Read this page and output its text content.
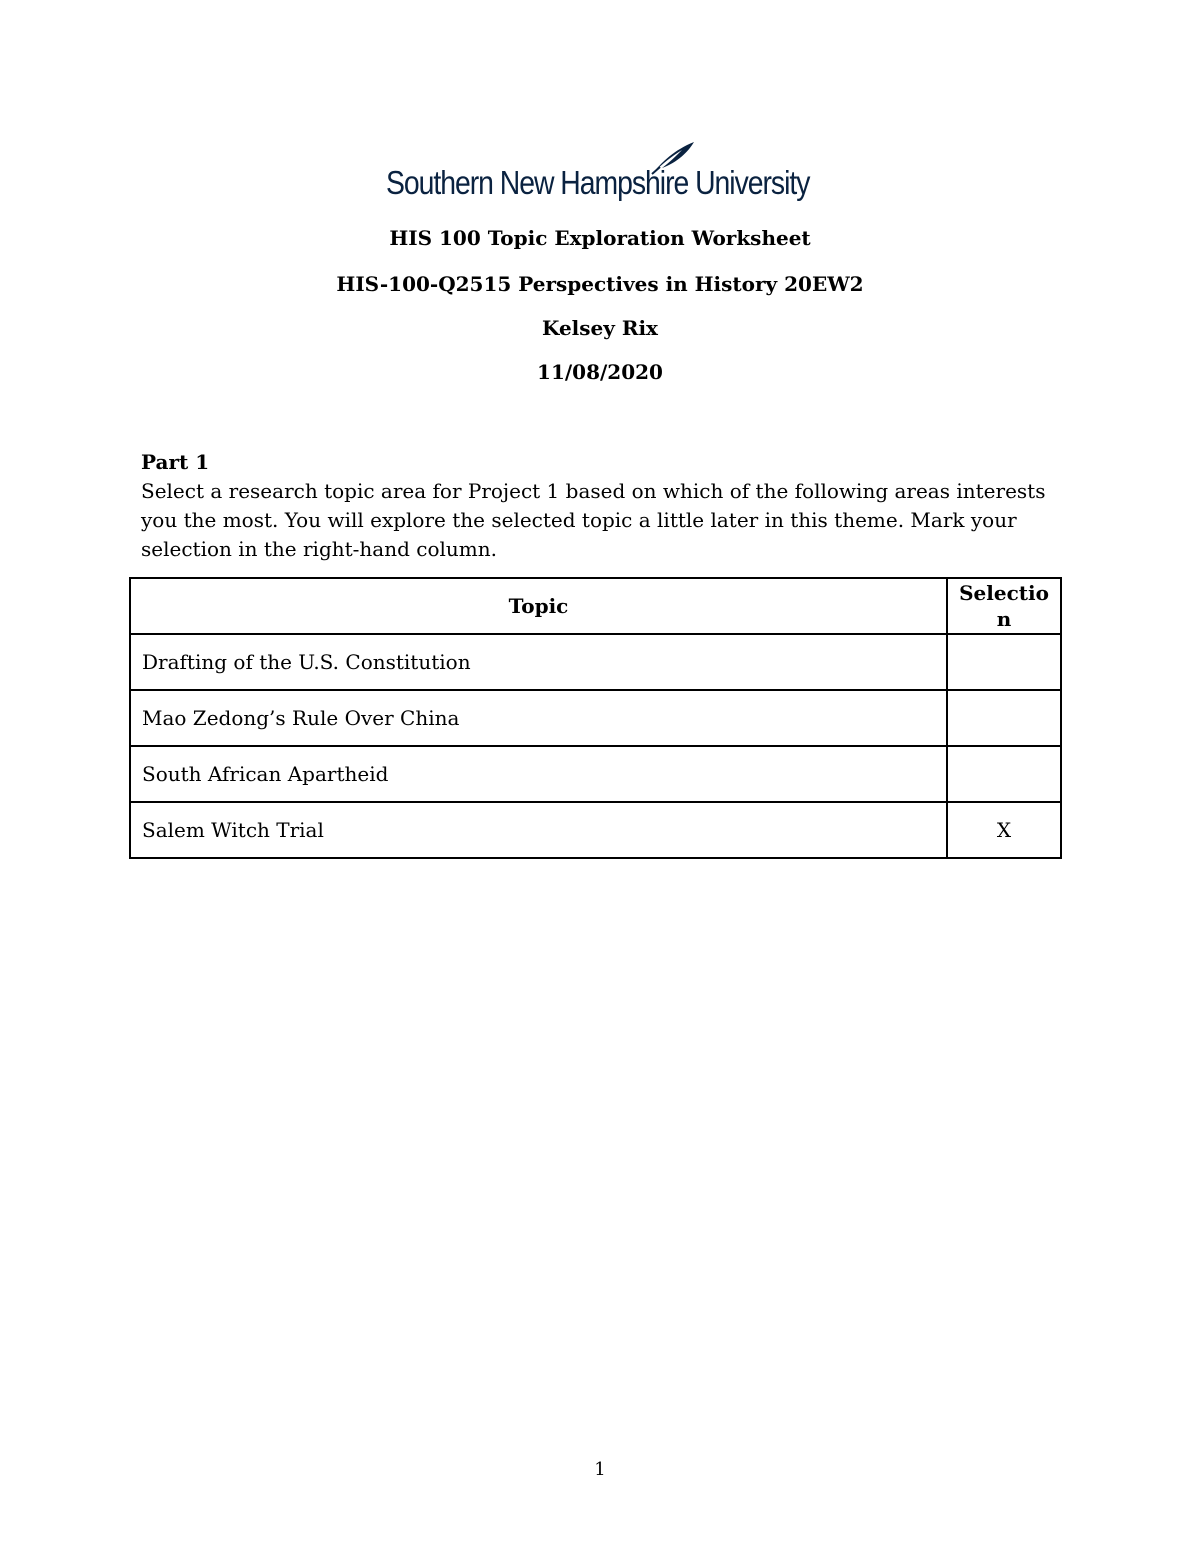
Southern New Hampshire University
HIS 100 Topic Exploration Worksheet
HIS-100-Q2515 Perspectives in History 20EW2
Kelsey Rix
11/08/2020
Part 1
Select a research topic area for Project 1 based on which of the following areas interests you the most. You will explore the selected topic a little later in this theme. Mark your selection in the right-hand column.
Topic	Selection
Drafting of the U.S. Constitution	
Mao Zedong’s Rule Over China	
South African Apartheid	
Salem Witch Trial	X
1
